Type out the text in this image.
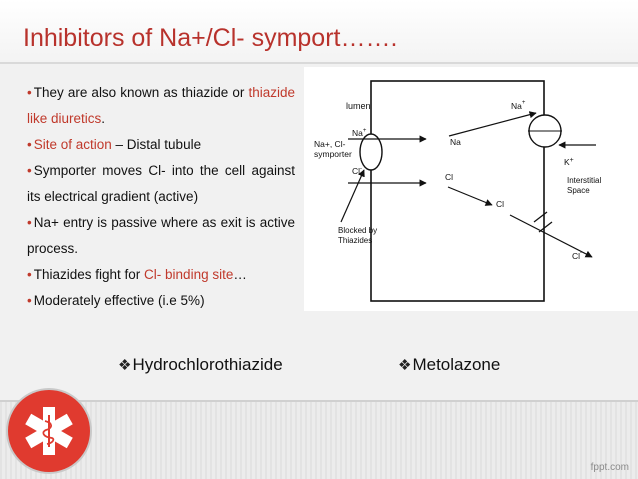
Inhibitors of Na+/Cl- symport…….
• They are also known as thiazide or thiazide like diuretics.
• Site of action – Distal tubule
• Symporter moves Cl- into the cell against its electrical gradient (active)
• Na+ entry is passive where as exit is active process.
• Thiazides fight for Cl- binding site…
• Moderately effective (i.e 5%)
lumen
Na+, Cl-
symporter
Na+
Na
Cl-
Cl
Na+
K+
Interstitial
Space
Cl
Cl-
Blocked by
Thiazides
❖Hydrochlorothiazide	❖Metolazone
fppt.com
